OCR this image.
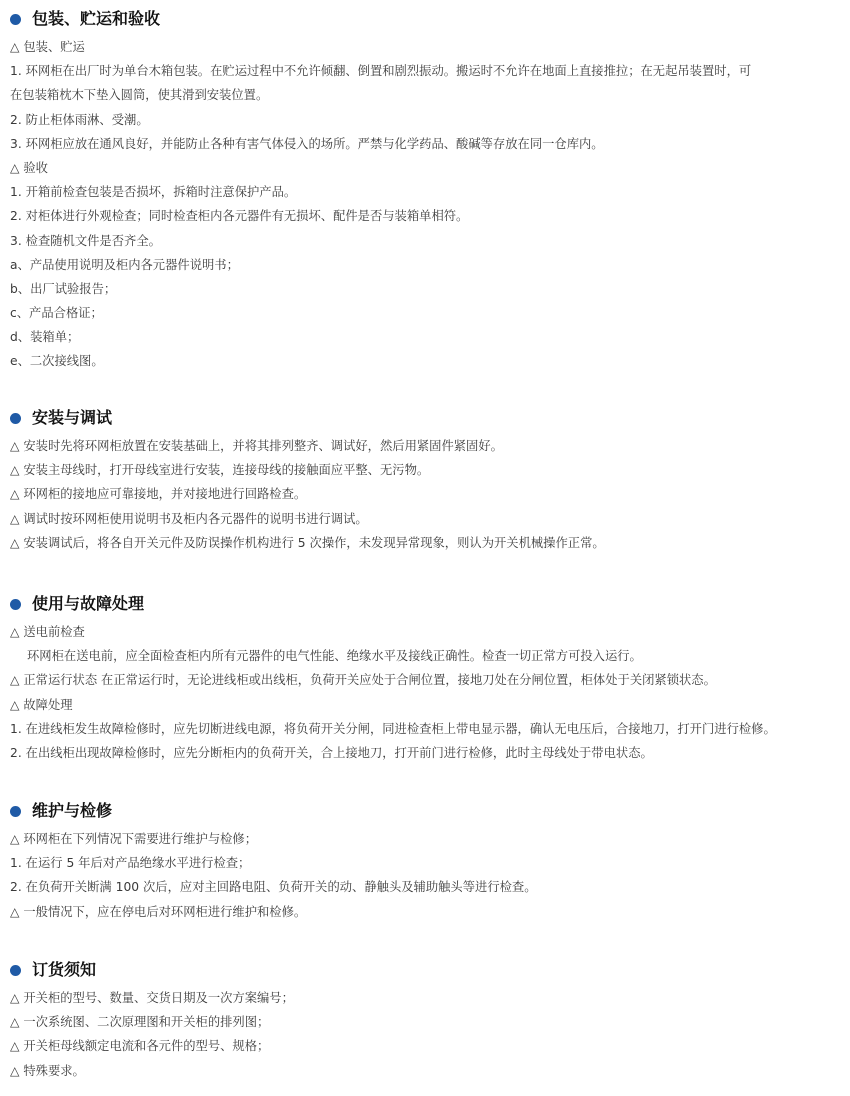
包装、贮运和验收
△ 包装、贮运
1. 环网柜在出厂时为单台木箱包装。在贮运过程中不允许倾翻、倒置和剧烈振动。搬运时不允许在地面上直接推拉；在无起吊装置时，可
在包装箱枕木下垫入圆筒，使其滑到安装位置。
2. 防止柜体雨淋、受潮。
3. 环网柜应放在通风良好，并能防止各种有害气体侵入的场所。严禁与化学药品、酸碱等存放在同一仓库内。
△ 验收
1. 开箱前检查包装是否损坏，拆箱时注意保护产品。
2. 对柜体进行外观检查；同时检查柜内各元器件有无损坏、配件是否与装箱单相符。
3. 检查随机文件是否齐全。
a、产品使用说明及柜内各元器件说明书；
b、出厂试验报告；
c、产品合格证；
d、装箱单；
e、二次接线图。
安装与调试
△ 安装时先将环网柜放置在安装基础上，并将其排列整齐、调试好，然后用紧固件紧固好。
△ 安装主母线时，打开母线室进行安装，连接母线的接触面应平整、无污物。
△ 环网柜的接地应可靠接地，并对接地进行回路检查。
△ 调试时按环网柜使用说明书及柜内各元器件的说明书进行调试。
△ 安装调试后，将各自开关元件及防误操作机构进行 5 次操作，未发现异常现象，则认为开关机械操作正常。
使用与故障处理
△ 送电前检查
环网柜在送电前，应全面检查柜内所有元器件的电气性能、绝缘水平及接线正确性。检查一切正常方可投入运行。
△ 正常运行状态 在正常运行时，无论进线柜或出线柜，负荷开关应处于合闸位置，接地刀处在分闸位置，柜体处于关闭紧锁状态。
△ 故障处理
1. 在进线柜发生故障检修时，应先切断进线电源，将负荷开关分闸，同进检查柜上带电显示器，确认无电压后，合接地刀，打开门进行检修。
2. 在出线柜出现故障检修时，应先分断柜内的负荷开关，合上接地刀，打开前门进行检修，此时主母线处于带电状态。
维护与检修
△ 环网柜在下列情况下需要进行维护与检修；
1. 在运行 5 年后对产品绝缘水平进行检查；
2. 在负荷开关断满 100 次后，应对主回路电阻、负荷开关的动、静触头及辅助触头等进行检查。
△ 一般情况下，应在停电后对环网柜进行维护和检修。
订货须知
△ 开关柜的型号、数量、交货日期及一次方案编号；
△ 一次系统图、二次原理图和开关柜的排列图；
△ 开关柜母线额定电流和各元件的型号、规格；
△ 特殊要求。
